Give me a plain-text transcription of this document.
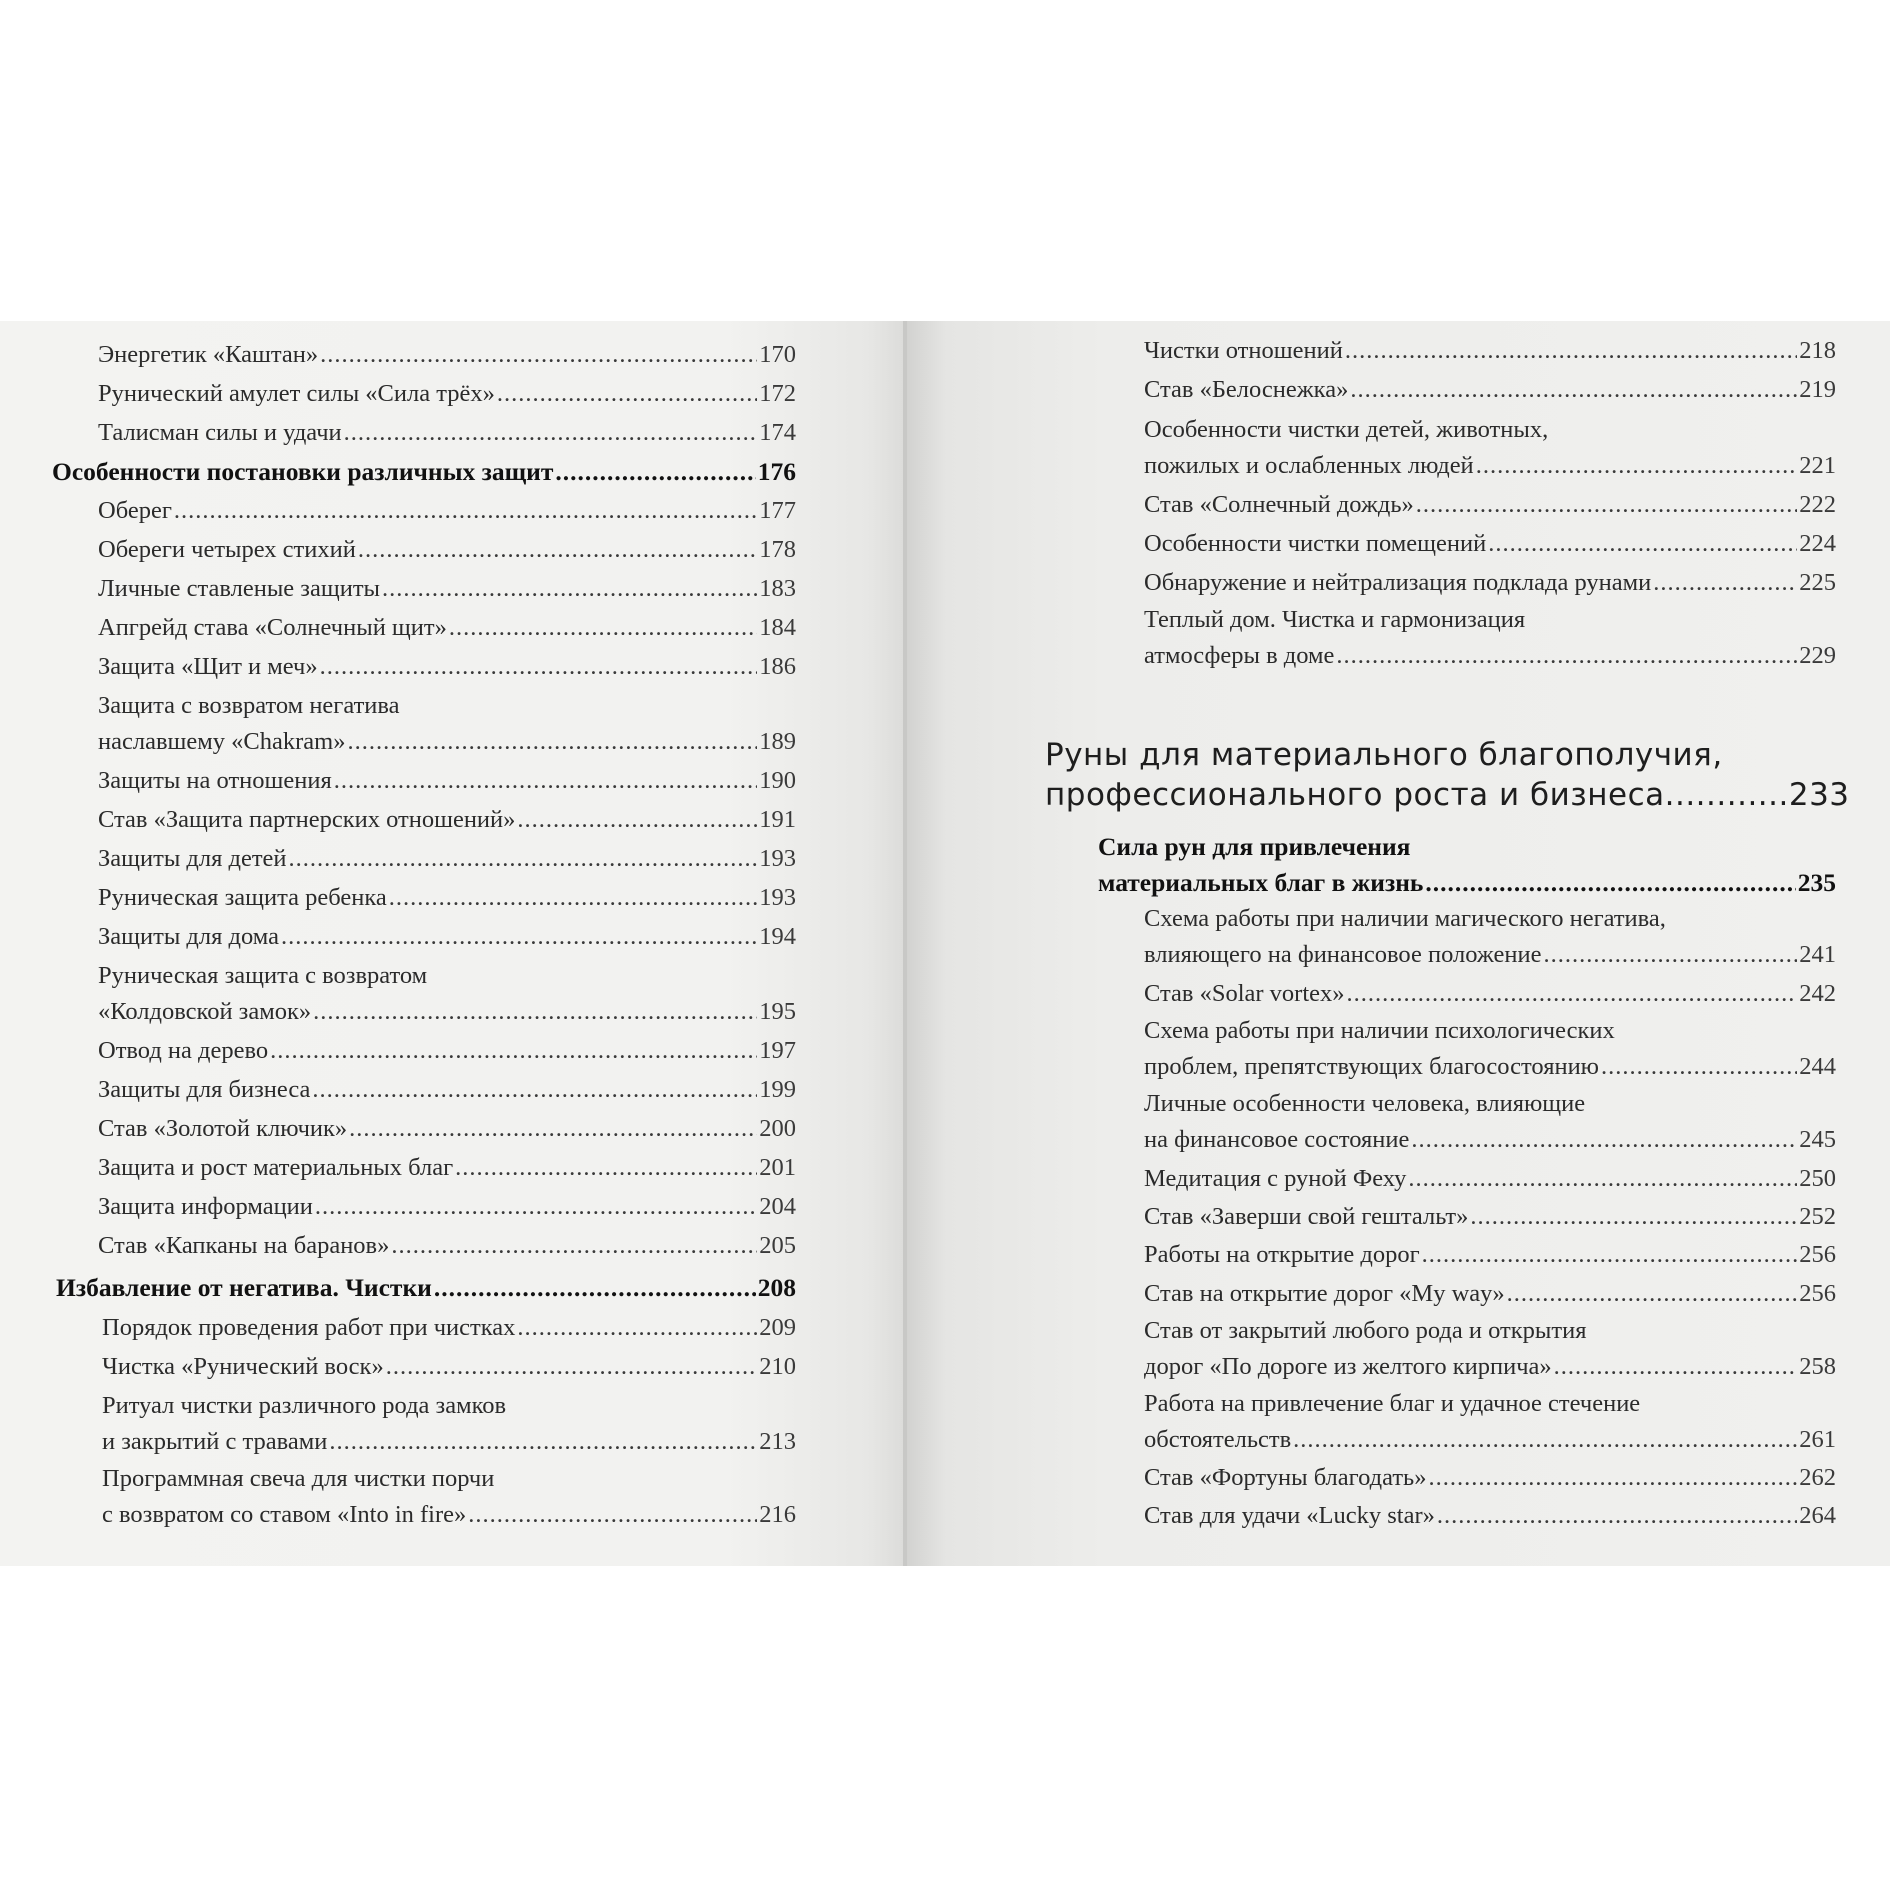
Энергетик «Каштан» .....	170
Рунический амулет силы «Сила трёх» .....	172
Талисман силы и удачи .....	174
Особенности постановки различных защит .....	176
Оберег .....	177
Обереги четырех стихий .....	178
Личные ставленые защиты .....	183
Апгрейд става «Солнечный щит» .....	184
Защита «Щит и меч» .....	186
Защита с возвратом негатива
наславшему «Chakram» .....	189
Защиты на отношения .....	190
Став «Защита партнерских отношений» .....	191
Защиты для детей .....	193
Руническая защита ребенка .....	193
Защиты для дома .....	194
Руническая защита с возвратом
«Колдовской замок» .....	195
Отвод на дерево .....	197
Защиты для бизнеса .....	199
Став «Золотой ключик» .....	200
Защита и рост материальных благ .....	201
Защита информации .....	204
Став «Капканы на баранов» .....	205
Избавление от негатива. Чистки .....	208
Порядок проведения работ при чистках .....	209
Чистка «Рунический воск» .....	210
Ритуал чистки различного рода замков
и закрытий с травами .....	213
Программная свеча для чистки порчи
с возвратом со ставом «Into in fire» .....	216
Чистки отношений .....	218
Став «Белоснежка» .....	219
Особенности чистки детей, животных,
пожилых и ослабленных людей .....	221
Став «Солнечный дождь» .....	222
Особенности чистки помещений .....	224
Обнаружение и нейтрализация подклада рунами .....	225
Теплый дом. Чистка и гармонизация
атмосферы в доме .....	229
Руны для материального благополучия,
профессионального роста и бизнеса .....	233
Сила рун для привлечения
материальных благ в жизнь .....	235
Схема работы при наличии магического негатива,
влияющего на финансовое положение .....	241
Став «Solar vortex» .....	242
Схема работы при наличии психологических
проблем, препятствующих благосостоянию .....	244
Личные особенности человека, влияющие
на финансовое состояние .....	245
Медитация с руной Феху .....	250
Став «Заверши свой гештальт» .....	252
Работы на открытие дорог .....	256
Став на открытие дорог «My way» .....	256
Став от закрытий любого рода и открытия
дорог «По дороге из желтого кирпича» .....	258
Работа на привлечение благ и удачное стечение
обстоятельств .....	261
Став «Фортуны благодать» .....	262
Став для удачи «Lucky star» .....	264
